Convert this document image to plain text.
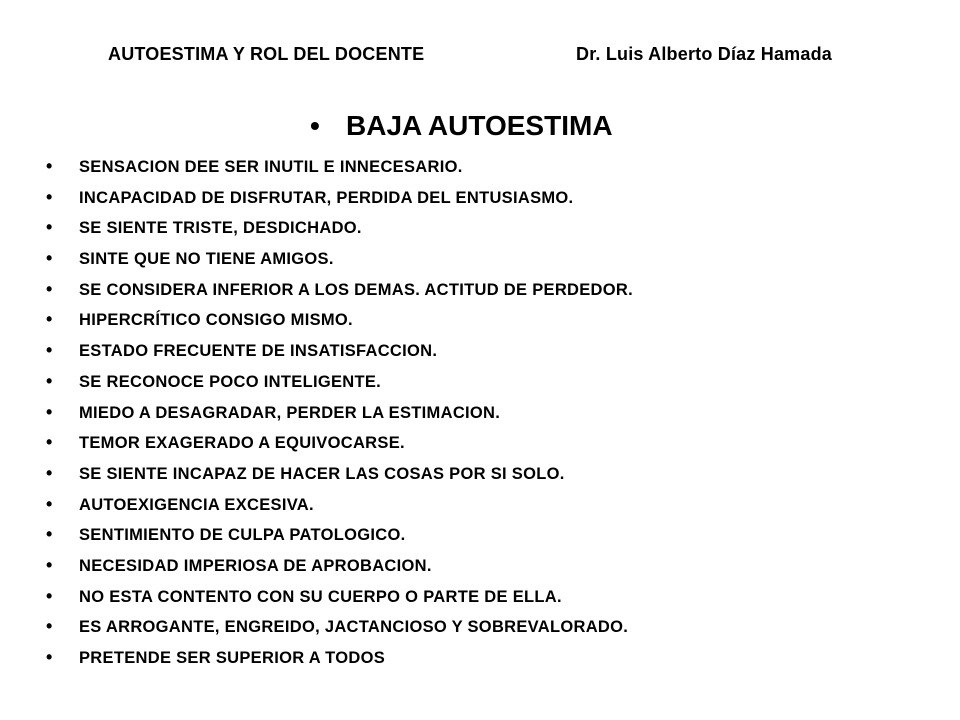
AUTOESTIMA Y ROL DEL DOCENTE	Dr. Luis Alberto Díaz Hamada
• BAJA AUTOESTIMA
• SENSACION DEE SER INUTIL E INNECESARIO.
• INCAPACIDAD DE DISFRUTAR, PERDIDA DEL ENTUSIASMO.
• SE SIENTE TRISTE, DESDICHADO.
• SINTE QUE NO TIENE AMIGOS.
• SE CONSIDERA INFERIOR A LOS DEMAS. ACTITUD DE PERDEDOR.
• HIPERCRÍTICO CONSIGO MISMO.
• ESTADO FRECUENTE DE INSATISFACCION.
• SE RECONOCE POCO INTELIGENTE.
• MIEDO A DESAGRADAR, PERDER LA ESTIMACION.
• TEMOR EXAGERADO A EQUIVOCARSE.
• SE SIENTE INCAPAZ DE HACER LAS COSAS POR SI SOLO.
• AUTOEXIGENCIA EXCESIVA.
• SENTIMIENTO DE CULPA PATOLOGICO.
• NECESIDAD IMPERIOSA DE APROBACION.
• NO ESTA CONTENTO CON SU CUERPO O PARTE DE ELLA.
• ES ARROGANTE, ENGREIDO, JACTANCIOSO Y SOBREVALORADO.
• PRETENDE SER SUPERIOR A TODOS
